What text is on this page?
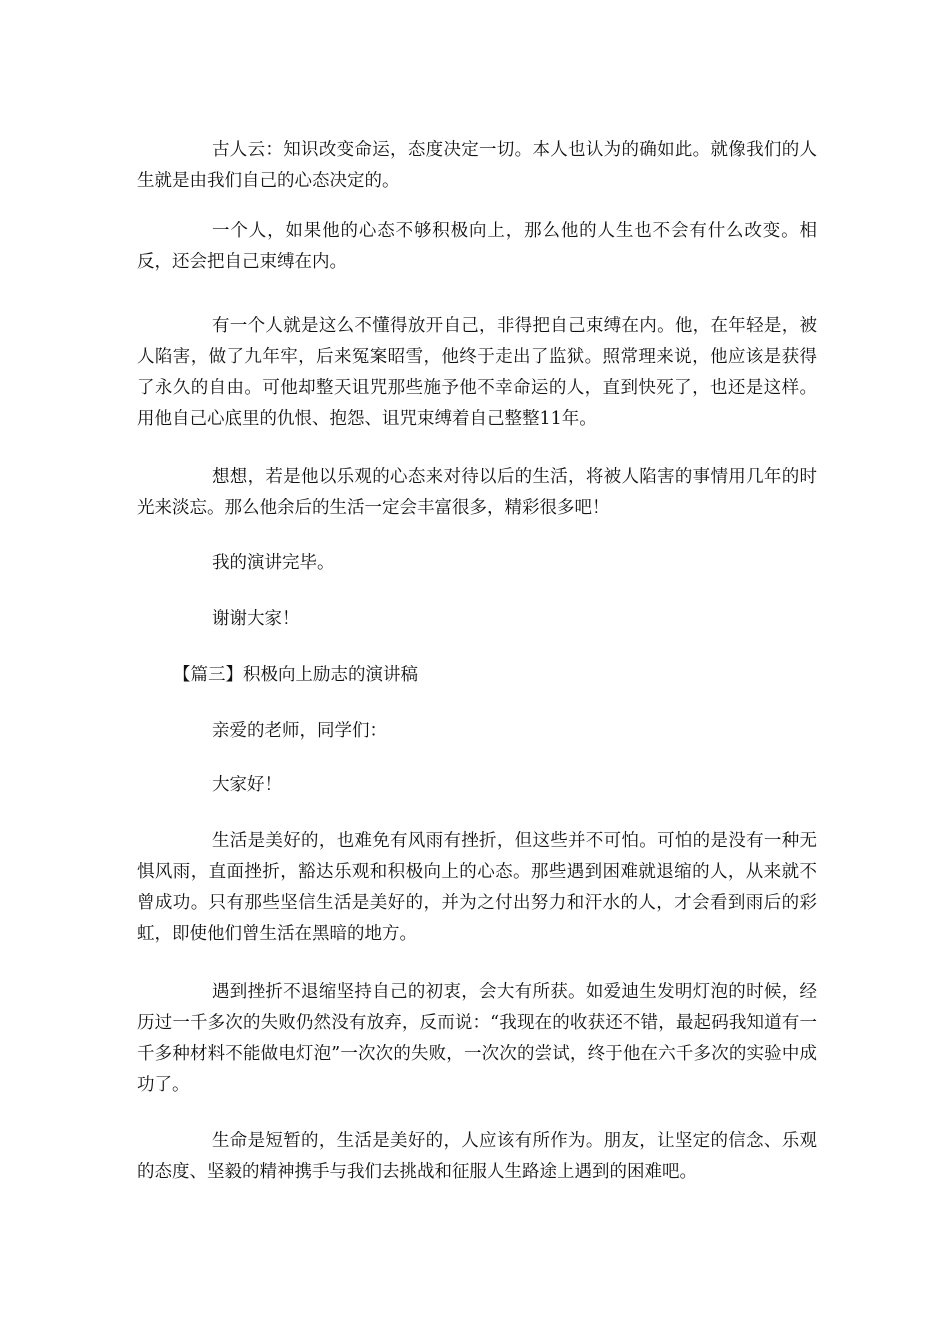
古人云：知识改变命运，态度决定一切。本人也认为的确如此。就像我们的人生就是由我们自己的心态决定的。

一个人，如果他的心态不够积极向上，那么他的人生也不会有什么改变。相反，还会把自己束缚在内。

有一个人就是这么不懂得放开自己，非得把自己束缚在内。他，在年轻是，被人陷害，做了九年牢，后来冤案昭雪，他终于走出了监狱。照常理来说，他应该是获得了永久的自由。可他却整天诅咒那些施予他不幸命运的人，直到快死了，也还是这样。用他自己心底里的仇恨、抱怨、诅咒束缚着自己整整11年。

想想，若是他以乐观的心态来对待以后的生活，将被人陷害的事情用几年的时光来淡忘。那么他余后的生活一定会丰富很多，精彩很多吧！

我的演讲完毕。

谢谢大家！

【篇三】积极向上励志的演讲稿

亲爱的老师，同学们：

大家好！

生活是美好的，也难免有风雨有挫折，但这些并不可怕。可怕的是没有一种无惧风雨，直面挫折，豁达乐观和积极向上的心态。那些遇到困难就退缩的人，从来就不曾成功。只有那些坚信生活是美好的，并为之付出努力和汗水的人，才会看到雨后的彩虹，即使他们曾生活在黑暗的地方。

遇到挫折不退缩坚持自己的初衷，会大有所获。如爱迪生发明灯泡的时候，经历过一千多次的失败仍然没有放弃，反而说：“我现在的收获还不错，最起码我知道有一千多种材料不能做电灯泡”一次次的失败，一次次的尝试，终于他在六千多次的实验中成功了。

生命是短暂的，生活是美好的，人应该有所作为。朋友，让坚定的信念、乐观的态度、坚毅的精神携手与我们去挑战和征服人生路途上遇到的困难吧。
